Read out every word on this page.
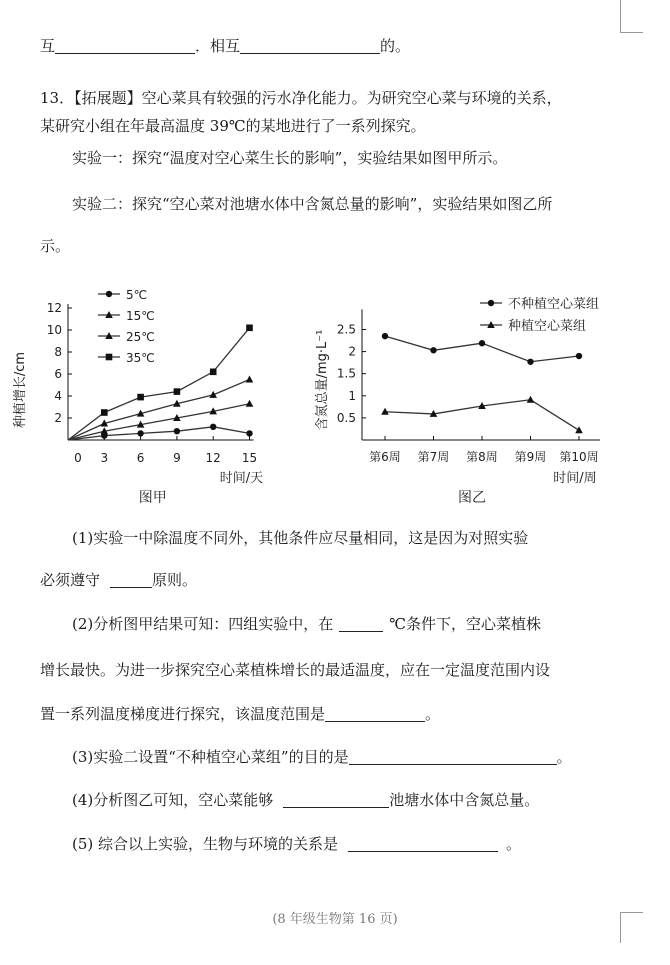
互	．相互	的。
13．【拓展题】空心菜具有较强的污水净化能力。为研究空心菜与环境的关系，
某研究小组在年最高温度 39℃的某地进行了一系列探究。
实验一：探究“温度对空心菜生长的影响”，实验结果如图甲所示。
实验二：探究“空心菜对池塘水体中含氮总量的影响”，实验结果如图乙所
示。
2
4
6
8
10
12
0 3 6 9 12 15
种植增长/cm
时间/天
图甲
5℃
15℃
25℃
35℃
0.5
1
1.5
2
2.5
第6周 第7周 第8周 第9周 第10周
含氮总量/mg·L⁻¹
时间/周
图乙
不种植空心菜组
种植空心菜组
(1)实验一中除温度不同外，其他条件应尽量相同，这是因为对照实验
必须遵守	原则。
(2)分析图甲结果可知：四组实验中，在	℃条件下，空心菜植株
增长最快。为进一步探究空心菜植株增长的最适温度，应在一定温度范围内设
置一系列温度梯度进行探究，该温度范围是	。
(3)实验二设置“不种植空心菜组”的目的是	。
(4)分析图乙可知，空心菜能够	池塘水体中含氮总量。
(5) 综合以上实验，生物与环境的关系是	。
(8 年级生物第 16 页)
